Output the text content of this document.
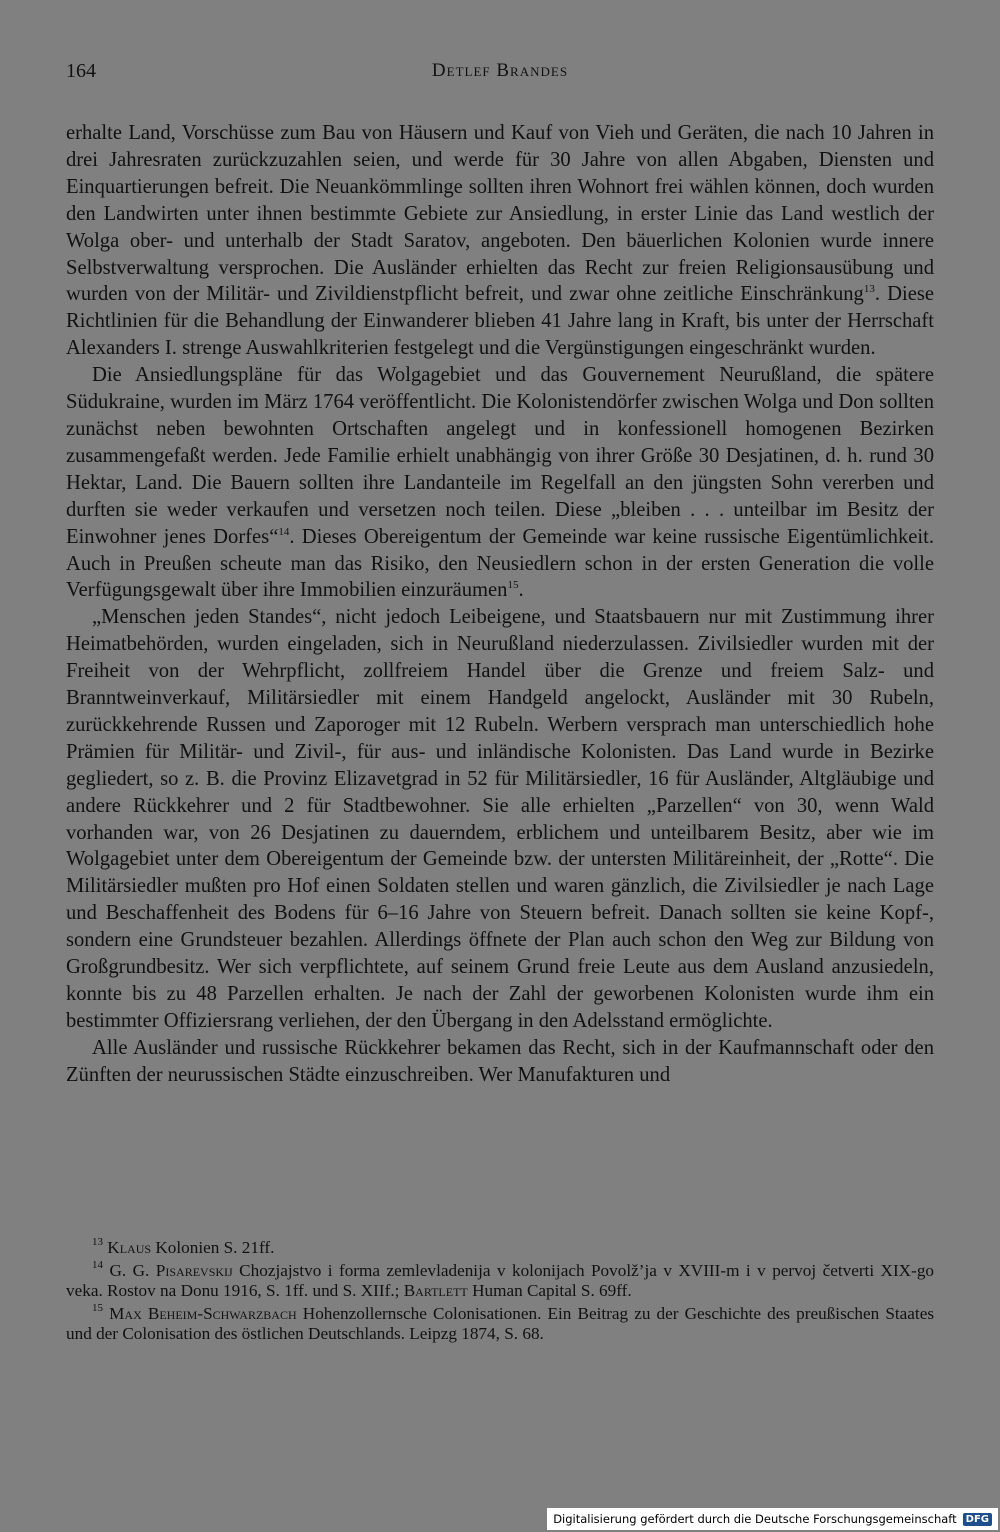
164	Detlef Brandes

erhalte Land, Vorschüsse zum Bau von Häusern und Kauf von Vieh und Geräten, die nach 10 Jahren in drei Jahresraten zurückzuzahlen seien, und werde für 30 Jahre von allen Abgaben, Diensten und Einquartierungen befreit. Die Neuankömmlinge sollten ihren Wohnort frei wählen können, doch wurden den Landwirten unter ihnen bestimmte Gebiete zur Ansiedlung, in erster Linie das Land westlich der Wolga ober- und unterhalb der Stadt Saratov, angeboten. Den bäuerlichen Kolonien wurde innere Selbstverwaltung versprochen. Die Ausländer erhielten das Recht zur freien Religionsausübung und wurden von der Militär- und Zivildienstpflicht befreit, und zwar ohne zeitliche Einschränkung$^{13}$. Diese Richtlinien für die Behandlung der Einwanderer blieben 41 Jahre lang in Kraft, bis unter der Herrschaft Alexanders I. strenge Auswahlkriterien festgelegt und die Vergünstigungen eingeschränkt wurden.

Die Ansiedlungspläne für das Wolgagebiet und das Gouvernement Neurußland, die spätere Südukraine, wurden im März 1764 veröffentlicht. Die Kolonistendörfer zwischen Wolga und Don sollten zunächst neben bewohnten Ortschaften angelegt und in konfessionell homogenen Bezirken zusammengefaßt werden. Jede Familie erhielt unabhängig von ihrer Größe 30 Desjatinen, d. h. rund 30 Hektar, Land. Die Bauern sollten ihre Landanteile im Regelfall an den jüngsten Sohn vererben und durften sie weder verkaufen und versetzen noch teilen. Diese „bleiben . . . unteilbar im Besitz der Einwohner jenes Dorfes“$^{14}$. Dieses Obereigentum der Gemeinde war keine russische Eigentümlichkeit. Auch in Preußen scheute man das Risiko, den Neusiedlern schon in der ersten Generation die volle Verfügungsgewalt über ihre Immobilien einzuräumen$^{15}$.

„Menschen jeden Standes“, nicht jedoch Leibeigene, und Staatsbauern nur mit Zustimmung ihrer Heimatbehörden, wurden eingeladen, sich in Neurußland niederzulassen. Zivilsiedler wurden mit der Freiheit von der Wehrpflicht, zollfreiem Handel über die Grenze und freiem Salz- und Branntweinverkauf, Militärsiedler mit einem Handgeld angelockt, Ausländer mit 30 Rubeln, zurückkehrende Russen und Zaporoger mit 12 Rubeln. Werbern versprach man unterschiedlich hohe Prämien für Militär- und Zivil-, für aus- und inländische Kolonisten. Das Land wurde in Bezirke gegliedert, so z. B. die Provinz Elizavetgrad in 52 für Militärsiedler, 16 für Ausländer, Altgläubige und andere Rückkehrer und 2 für Stadtbewohner. Sie alle erhielten „Parzellen“ von 30, wenn Wald vorhanden war, von 26 Desjatinen zu dauerndem, erblichem und unteilbarem Besitz, aber wie im Wolgagebiet unter dem Obereigentum der Gemeinde bzw. der untersten Militäreinheit, der „Rotte“. Die Militärsiedler mußten pro Hof einen Soldaten stellen und waren gänzlich, die Zivilsiedler je nach Lage und Beschaffenheit des Bodens für 6–16 Jahre von Steuern befreit. Danach sollten sie keine Kopf-, sondern eine Grundsteuer bezahlen. Allerdings öffnete der Plan auch schon den Weg zur Bildung von Großgrundbesitz. Wer sich verpflichtete, auf seinem Grund freie Leute aus dem Ausland anzusiedeln, konnte bis zu 48 Parzellen erhalten. Je nach der Zahl der geworbenen Kolonisten wurde ihm ein bestimmter Offiziersrang verliehen, der den Übergang in den Adelsstand ermöglichte.

Alle Ausländer und russische Rückkehrer bekamen das Recht, sich in der Kaufmannschaft oder den Zünften der neurussischen Städte einzuschreiben. Wer Manufakturen und

$^{13}$ Klaus Kolonien S. 21ff.

$^{14}$ G. G. Pisarevskij Chozjajstvo i forma zemlevladenija v kolonijach Povolž’ja v XVIII-m i v pervoj četverti XIX-go veka. Rostov na Donu 1916, S. 1ff. und S. XIIf.; Bartlett Human Capital S. 69ff.

$^{15}$ Max Beheim-Schwarzbach Hohenzollernsche Colonisationen. Ein Beitrag zu der Geschichte des preußischen Staates und der Colonisation des östlichen Deutschlands. Leipzg 1874, S. 68.

Digitalisierung gefördert durch die Deutsche Forschungsgemeinschaft DFG
